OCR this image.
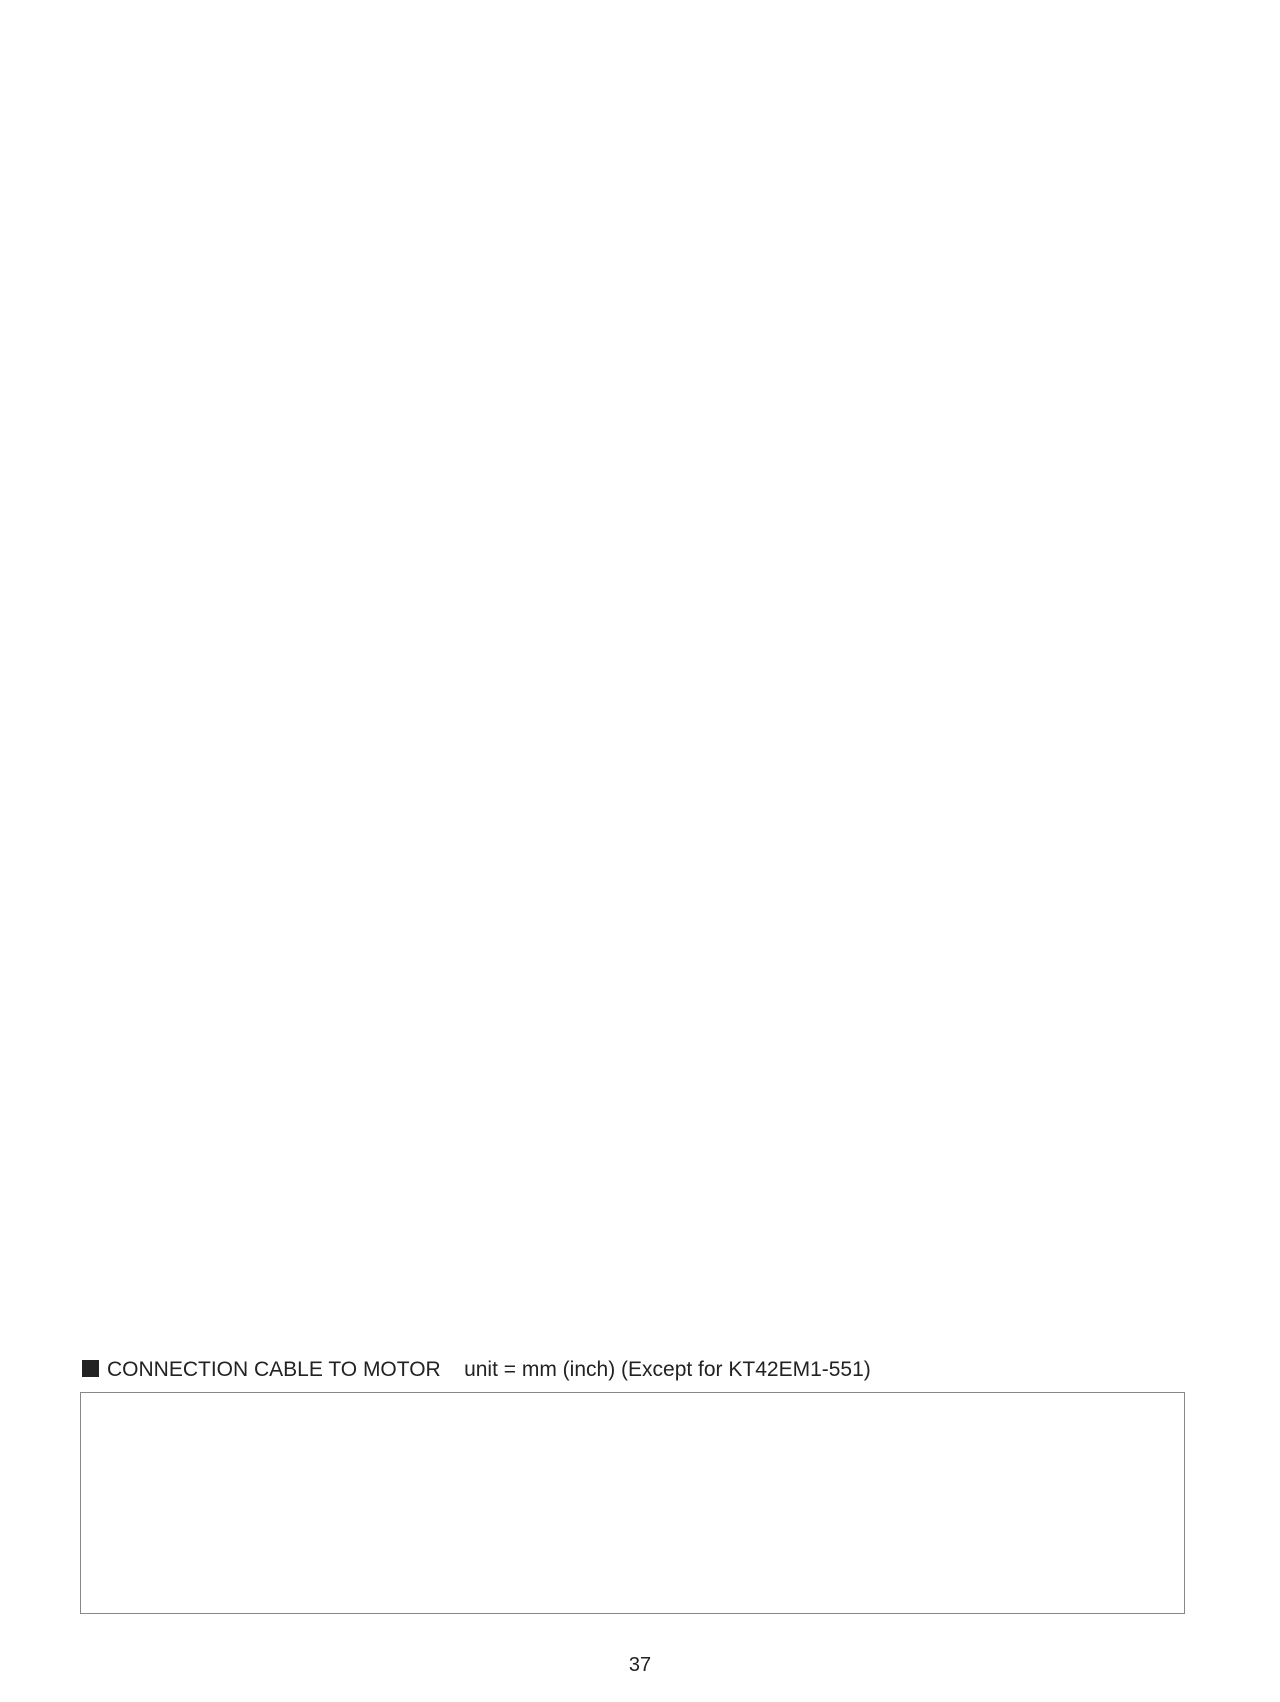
CONNECTION CABLE TO MOTOR unit = mm (inch) (Except for KT42EM1-551)
37
